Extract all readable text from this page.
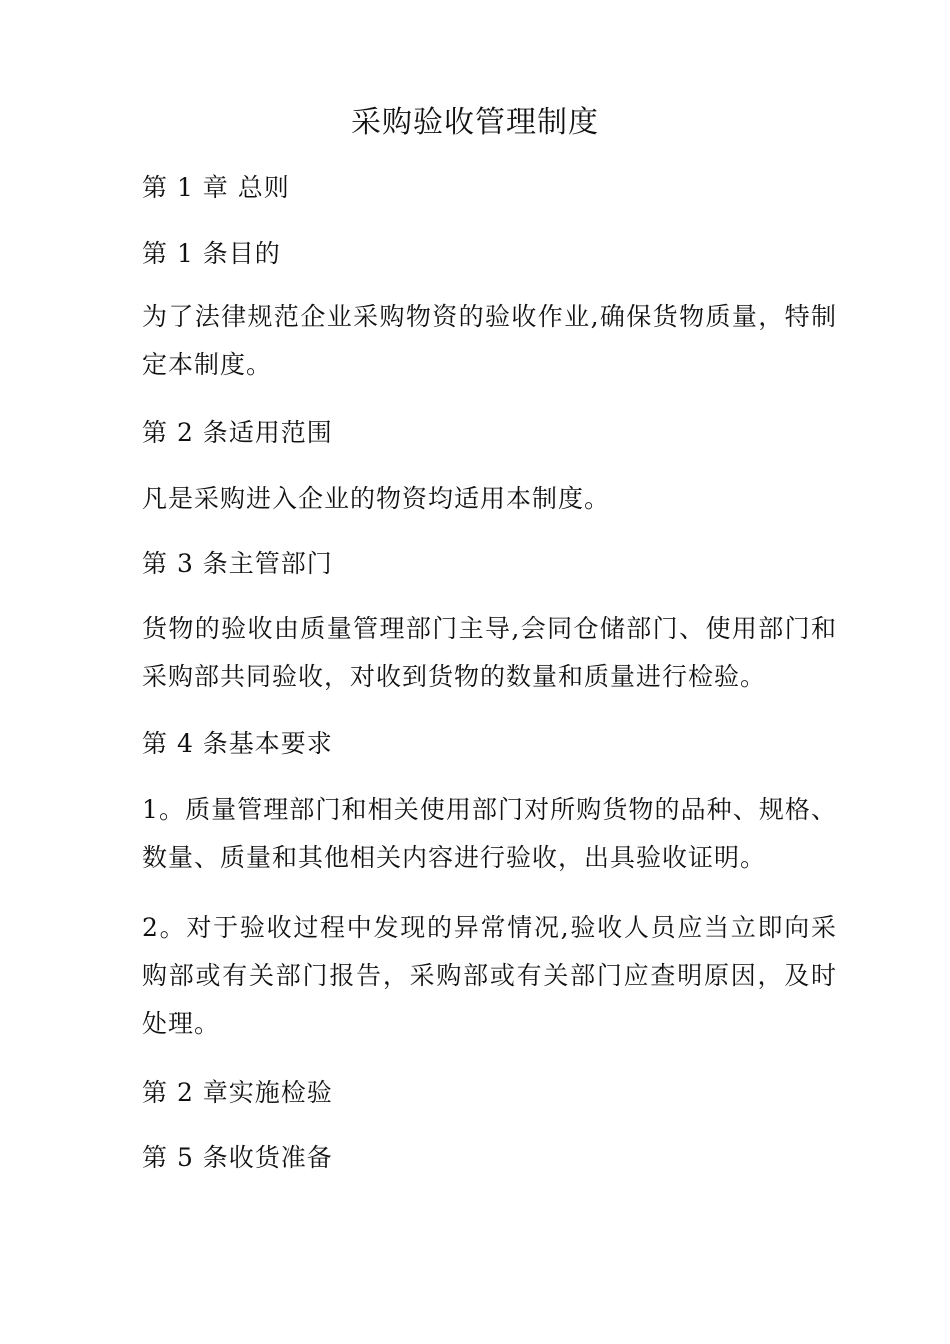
采购验收管理制度

第 1 章 总则

第 1 条目的

为了法律规范企业采购物资的验收作业,确保货物质量，特制定本制度。

第 2 条适用范围

凡是采购进入企业的物资均适用本制度。

第 3 条主管部门

货物的验收由质量管理部门主导,会同仓储部门、使用部门和采购部共同验收，对收到货物的数量和质量进行检验。

第 4 条基本要求

1。质量管理部门和相关使用部门对所购货物的品种、规格、数量、质量和其他相关内容进行验收，出具验收证明。

2。对于验收过程中发现的异常情况,验收人员应当立即向采购部或有关部门报告，采购部或有关部门应查明原因，及时处理。

第 2 章实施检验

第 5 条收货准备
